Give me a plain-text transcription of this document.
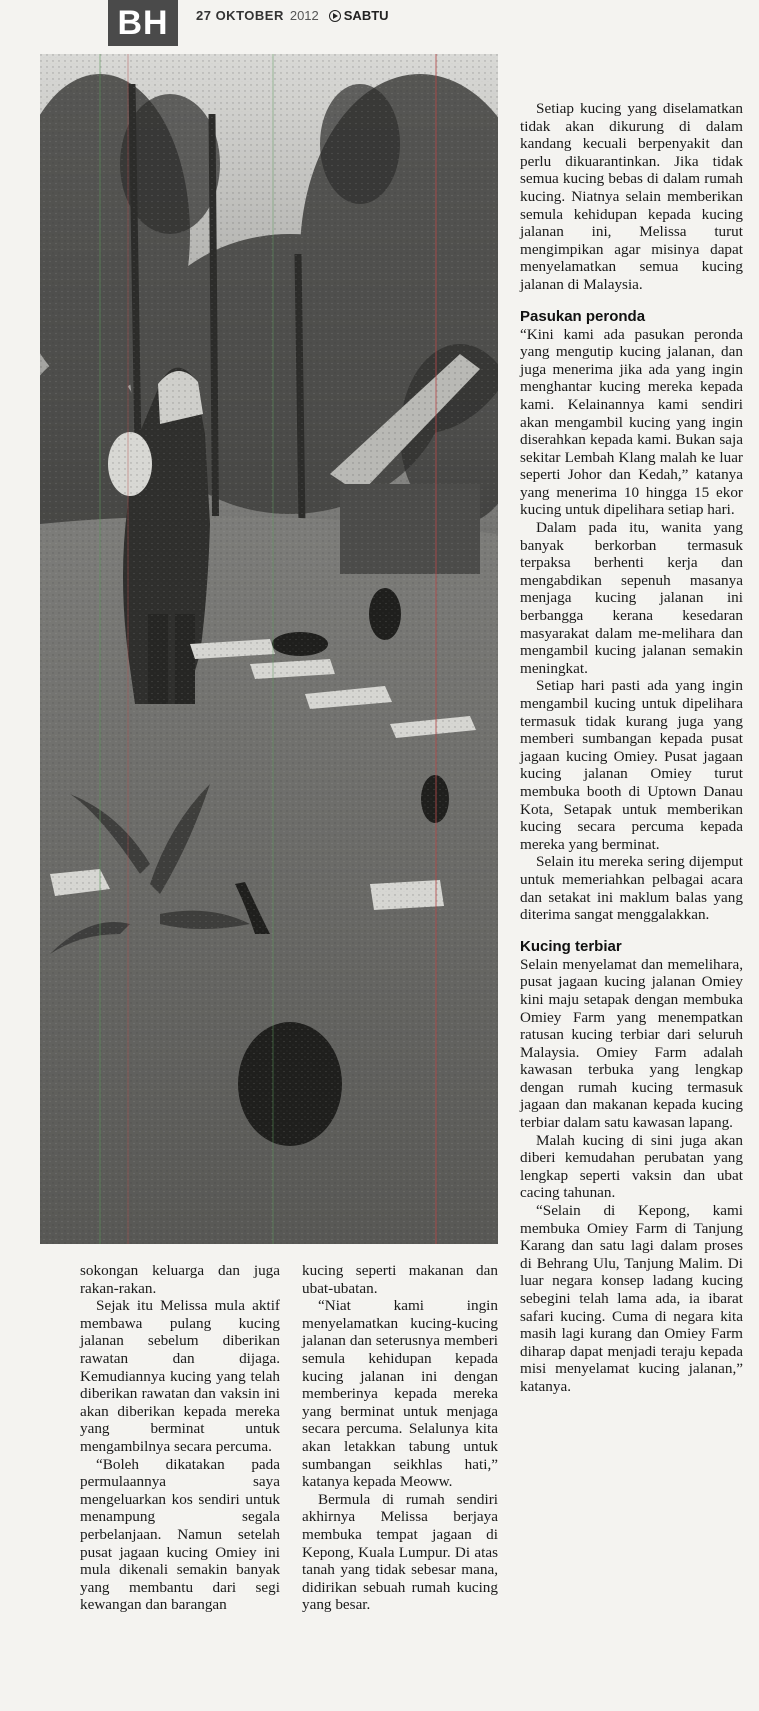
BH	27 OKTOBER 2012 SABTU

Setiap kucing yang diselamatkan tidak akan dikurung di dalam kandang kecuali berpenyakit dan perlu dikuarantinkan. Jika tidak semua kucing bebas di dalam rumah kucing. Niatnya selain memberikan semula kehidupan kepada kucing jalanan ini, Melissa turut mengimpikan agar misinya dapat menyelamatkan semua kucing jalanan di Malaysia.

Pasukan peronda

“Kini kami ada pasukan peronda yang mengutip kucing jalanan, dan juga menerima jika ada yang ingin menghantar kucing mereka kepada kami. Kelainannya kami sendiri akan mengambil kucing yang ingin diserahkan kepada kami. Bukan saja sekitar Lembah Klang malah ke luar seperti Johor dan Kedah,” katanya yang menerima 10 hingga 15 ekor kucing untuk dipelihara setiap hari.

Dalam pada itu, wanita yang banyak berkorban termasuk terpaksa berhenti kerja dan mengabdikan sepenuh masanya menjaga kucing jalanan ini berbangga kerana kesedaran masyarakat dalam me-melihara dan mengambil kucing jalanan semakin meningkat.

Setiap hari pasti ada yang ingin mengambil kucing untuk dipelihara termasuk tidak kurang juga yang memberi sumbangan kepada pusat jagaan kucing Omiey. Pusat jagaan kucing jalanan Omiey turut membuka booth di Uptown Danau Kota, Setapak untuk memberikan kucing secara percuma kepada mereka yang berminat.

Selain itu mereka sering dijemput untuk memeriahkan pelbagai acara dan setakat ini maklum balas yang diterima sangat menggalakkan.

Kucing terbiar

Selain menyelamat dan memelihara, pusat jagaan kucing jalanan Omiey kini maju setapak dengan membuka Omiey Farm yang menempatkan ratusan kucing terbiar dari seluruh Malaysia. Omiey Farm adalah kawasan terbuka yang lengkap dengan rumah kucing termasuk jagaan dan makanan kepada kucing terbiar dalam satu kawasan lapang.

Malah kucing di sini juga akan diberi kemudahan perubatan yang lengkap seperti vaksin dan ubat cacing tahunan.

“Selain di Kepong, kami membuka Omiey Farm di Tanjung Karang dan satu lagi dalam proses di Behrang Ulu, Tanjung Malim. Di luar negara konsep ladang kucing sebegini telah lama ada, ia ibarat safari kucing. Cuma di negara kita masih lagi kurang dan Omiey Farm diharap dapat menjadi teraju kepada misi menyelamat kucing jalanan,” katanya.

sokongan keluarga dan juga rakan-rakan.

Sejak itu Melissa mula aktif membawa pulang kucing jalanan sebelum diberikan rawatan dan dijaga. Kemudiannya kucing yang telah diberikan rawatan dan vaksin ini akan diberikan kepada mereka yang berminat untuk mengambilnya secara percuma.

“Boleh dikatakan pada permulaannya saya mengeluarkan kos sendiri untuk menampung segala perbelanjaan. Namun setelah pusat jagaan kucing Omiey ini mula dikenali semakin banyak yang membantu dari segi kewangan dan barangan

kucing seperti makanan dan ubat-ubatan.

“Niat kami ingin menyelamatkan kucing-kucing jalanan dan seterusnya memberi semula kehidupan kepada kucing jalanan ini dengan memberinya kepada mereka yang berminat untuk menjaga secara percuma. Selalunya kita akan letakkan tabung untuk sumbangan seikhlas hati,” katanya kepada Meoww.

Bermula di rumah sendiri akhirnya Melissa berjaya membuka tempat jagaan di Kepong, Kuala Lumpur. Di atas tanah yang tidak sebesar mana, didirikan sebuah rumah kucing yang besar.
